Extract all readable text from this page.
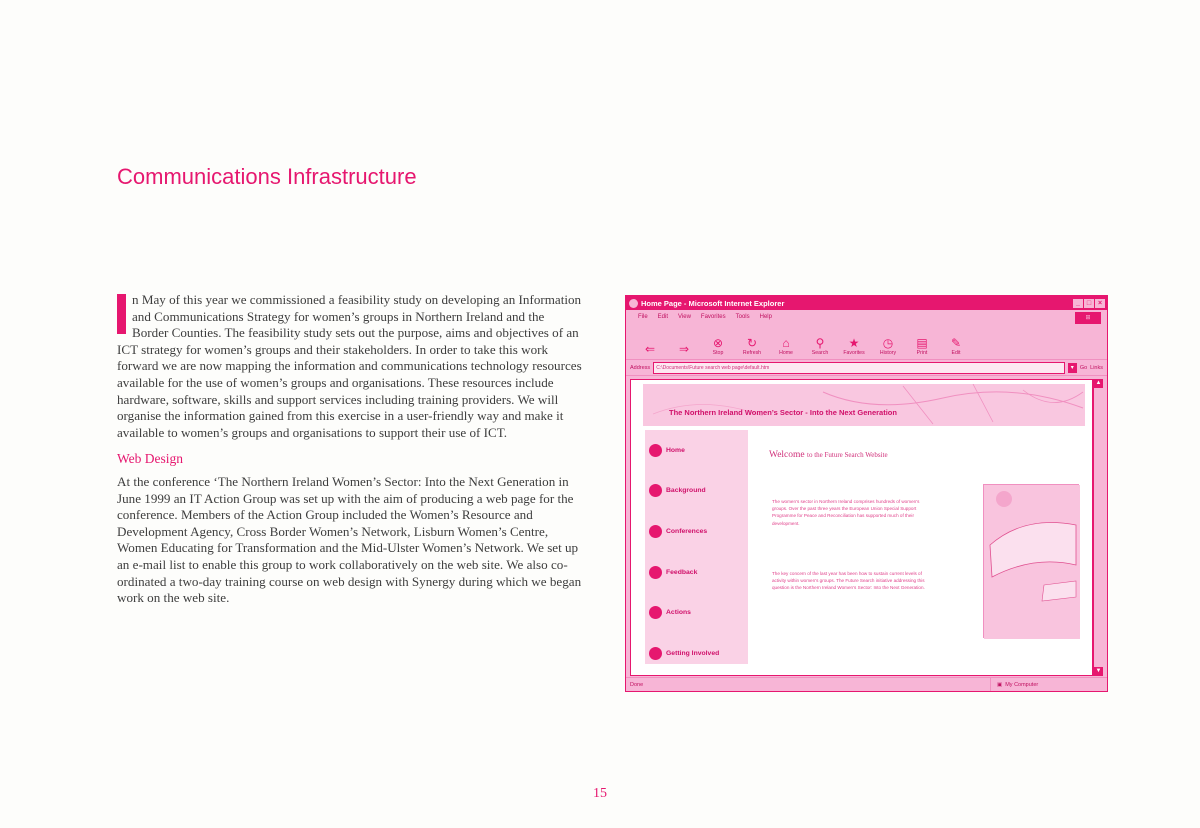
Communications Infrastructure

n May of this year we commissioned a feasibility study on developing an Information and Communications Strategy for women’s groups in Northern Ireland and the Border Counties. The feasibility study sets out the purpose, aims and objectives of an ICT strategy for women’s groups and their stakeholders. In order to take this work forward we are now mapping the information and communications technology resources available for the use of women’s groups and organisations. These resources include hardware, software, skills and support services including training providers. We will organise the information gained from this exercise in a user-friendly way and make it available to women’s groups and organisations to support their use of ICT.

Web Design

At the conference ‘The Northern Ireland Women’s Sector: Into the Next Generation in June 1999 an IT Action Group was set up with the aim of producing a web page for the conference. Members of the Action Group included the Women’s Resource and Development Agency, Cross Border Women’s Network, Lisburn Women’s Centre, Women Educating for Transformation and the Mid-Ulster Women’s Network. We set up an e-mail list to enable this group to work collaboratively on the web site. We also co-ordinated a two-day training course on web design with Synergy during which we began work on the web site.

Home Page - Microsoft Internet Explorer	_ □ ×
File Edit View Favorites Tools Help	⊞
⇐ ⇒ ⊗
Stop
↻
Refresh
⌂
Home
⚲
Search
★
Favorites
◷
History
▤
Print
✎
Edit
Address	C:\Documents\Future search web page\default.htm	▾	Go Links
The Northern Ireland Women’s Sector - Into the Next Generation
Home
Background
Conferences
Feedback
Actions
Getting Involved
Welcome to the Future Search Website
The women’s sector in Northern Ireland comprises hundreds of women’s groups. Over the past three years the European Union Special Support Programme for Peace and Reconciliation has supported much of their development.
The key concern of the last year has been how to sustain current levels of activity within women’s groups. The Future Search initiative addressing this question is the Northern Ireland Women’s Sector: Into the Next Generation.
▲
▼
Done	▣ My Computer
15
